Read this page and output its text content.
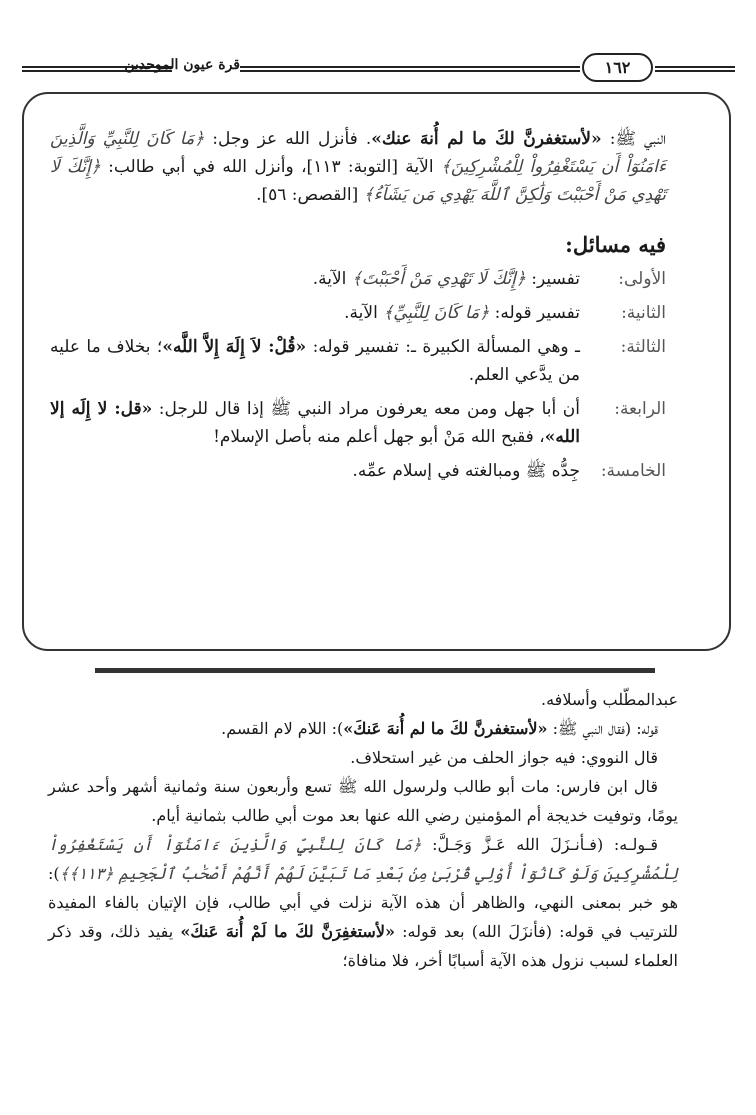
قرة عيون الموحدين	١٦٢

النبي ﷺ: «لأستغفرنَّ لكَ ما لم أُنهَ عنك». فأنزل الله عز وجل: ﴿مَا كَانَ لِلنَّبِيِّ وَالَّذِينَ ءَامَنُوٓاْ أَن يَسْتَغْفِرُواْ لِلْمُشْرِكِينَ﴾ الآية [التوبة: ١١٣]، وأنزل الله في أبي طالب: ﴿إِنَّكَ لَا تَهْدِي مَنْ أَحْبَبْتَ وَلَٰكِنَّ ٱللَّهَ يَهْدِي مَن يَشَآءُ﴾ [القصص: ٥٦].

فيه مسائل:

الأولى:
تفسير: ﴿إِنَّكَ لَا تَهْدِي مَنْ أَحْبَبْتَ﴾ الآية.
الثانية:
تفسير قوله: ﴿مَا كَانَ لِلنَّبِيِّ﴾ الآية.
الثالثة:
ـ وهي المسألة الكبيرة ـ: تفسير قوله: «قُلْ: لاَ إِلَهَ إِلاَّ اللَّه»؛ بخلاف ما عليه من يدَّعي العلم.
الرابعة:
أن أبا جهل ومن معه يعرفون مراد النبي ﷺ إذا قال للرجل: «قل: لا إِلَه إلا الله»، فقبح الله مَنْ أبو جهل أعلم منه بأصل الإسلام!
الخامسة:
جِدُّه ﷺ ومبالغته في إسلام عمِّه.

عبدالمطّلب وأسلافه.

قوله: (فقال النبي ﷺ: «لأستغفرنَّ لكَ ما لم أُنهَ عَنكَ»): اللام لام القسم.

قال النووي: فيه جواز الحلف من غير استحلاف.

قال ابن فارس: مات أبو طالب ولرسول الله ﷺ تسع وأربعون سنة وثمانية أشهر وأحد عشر يومًا، وتوفيت خديجة أم المؤمنين رضي الله عنها بعد موت أبي طالب بثمانية أيام.

قـولـه: (فـأنـزَلَ الله عَـزَّ وَجَـلَّ: ﴿مَا كَانَ لِلنَّبِيِّ وَالَّذِينَ ءَامَنُوٓاْ أَن يَسْتَغْفِرُواْ لِلْمُشْرِكِينَ وَلَوْ كَانُوٓاْ أُوْلِي قُرْبَىٰ مِنۢ بَعْدِ مَا تَبَيَّنَ لَهُمْ أَنَّهُمْ أَصْحَٰبُ ٱلْجَحِيمِ ﴿١١٣﴾﴾): هو خبر بمعنى النهي، والظاهر أن هذه الآية نزلت في أبي طالب، فإن الإتيان بالفاء المفيدة للترتيب في قوله: (فأنزَلَ الله) بعد قوله: «لأستغفِرَنَّ لكَ ما لَمْ أُنهَ عَنكَ» يفيد ذلك، وقد ذكر العلماء لسبب نزول هذه الآية أسبابًا أخر، فلا منافاة؛
